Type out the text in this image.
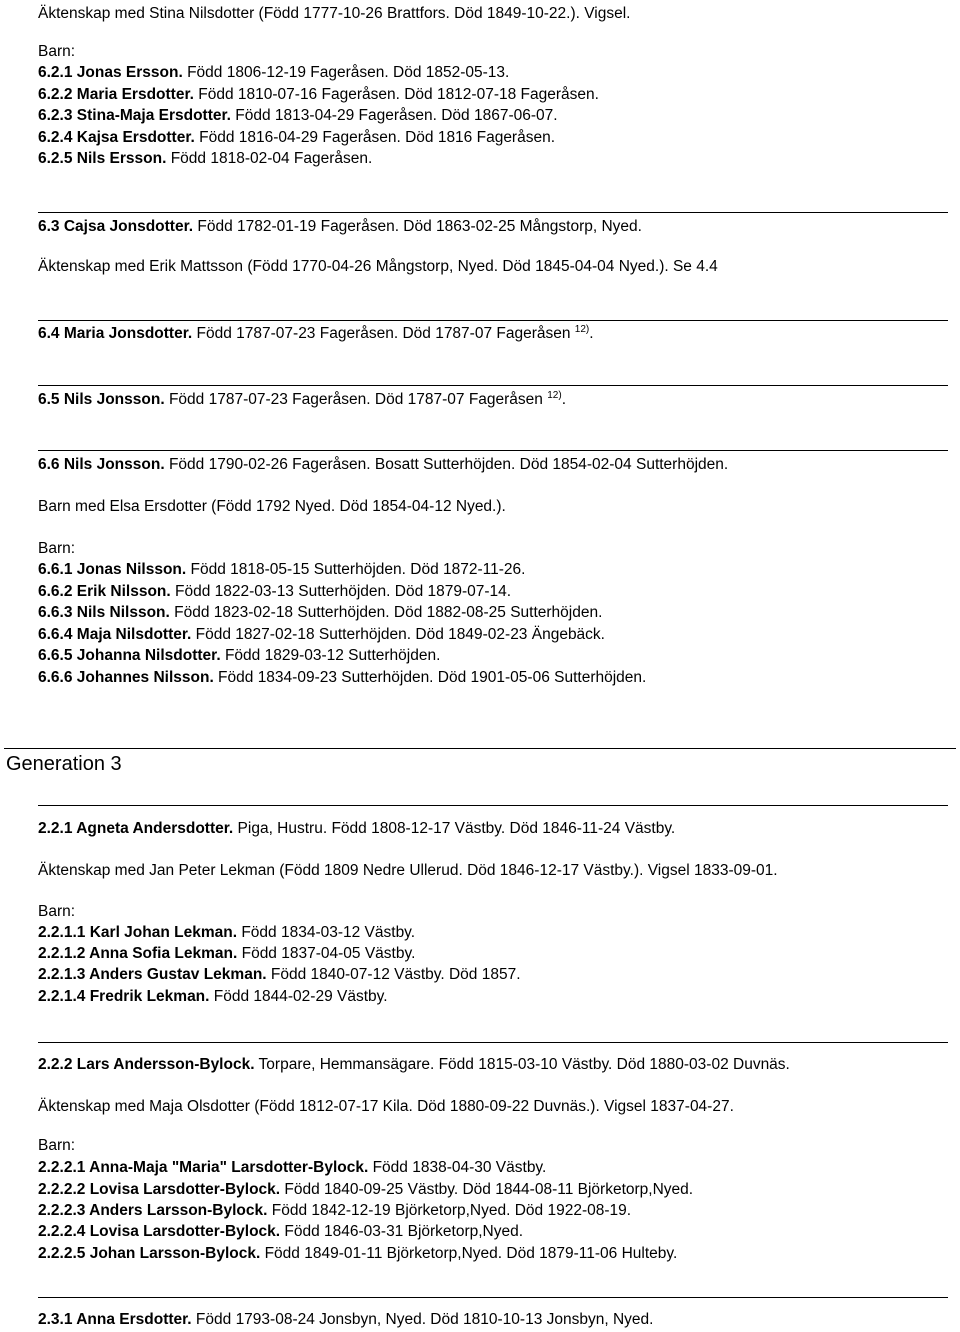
Äktenskap med Stina Nilsdotter (Född 1777-10-26 Brattfors. Död 1849-10-22.). Vigsel.
Barn:
6.2.1 Jonas Ersson. Född 1806-12-19 Fageråsen. Död 1852-05-13.
6.2.2 Maria Ersdotter. Född 1810-07-16 Fageråsen. Död 1812-07-18 Fageråsen.
6.2.3 Stina-Maja Ersdotter. Född 1813-04-29 Fageråsen. Död 1867-06-07.
6.2.4 Kajsa Ersdotter. Född 1816-04-29 Fageråsen. Död 1816 Fageråsen.
6.2.5 Nils Ersson. Född 1818-02-04 Fageråsen.
6.3 Cajsa Jonsdotter. Född 1782-01-19 Fageråsen. Död 1863-02-25 Mångstorp, Nyed.
Äktenskap med Erik Mattsson (Född 1770-04-26 Mångstorp, Nyed. Död 1845-04-04 Nyed.). Se 4.4
6.4 Maria Jonsdotter. Född 1787-07-23 Fageråsen. Död 1787-07 Fageråsen $^{12)}$.
6.5 Nils Jonsson. Född 1787-07-23 Fageråsen. Död 1787-07 Fageråsen $^{12)}$.
6.6 Nils Jonsson. Född 1790-02-26 Fageråsen. Bosatt Sutterhöjden. Död 1854-02-04 Sutterhöjden.
Barn med Elsa Ersdotter (Född 1792 Nyed. Död 1854-04-12 Nyed.).
Barn:
6.6.1 Jonas Nilsson. Född 1818-05-15 Sutterhöjden. Död 1872-11-26.
6.6.2 Erik Nilsson. Född 1822-03-13 Sutterhöjden. Död 1879-07-14.
6.6.3 Nils Nilsson. Född 1823-02-18 Sutterhöjden. Död 1882-08-25 Sutterhöjden.
6.6.4 Maja Nilsdotter. Född 1827-02-18 Sutterhöjden. Död 1849-02-23 Ängebäck.
6.6.5 Johanna Nilsdotter. Född 1829-03-12 Sutterhöjden.
6.6.6 Johannes Nilsson. Född 1834-09-23 Sutterhöjden. Död 1901-05-06 Sutterhöjden.
Generation 3
2.2.1 Agneta Andersdotter. Piga, Hustru. Född 1808-12-17 Västby. Död 1846-11-24 Västby.
Äktenskap med Jan Peter Lekman (Född 1809 Nedre Ullerud. Död 1846-12-17 Västby.). Vigsel 1833-09-01.
Barn:
2.2.1.1 Karl Johan Lekman. Född 1834-03-12 Västby.
2.2.1.2 Anna Sofia Lekman. Född 1837-04-05 Västby.
2.2.1.3 Anders Gustav Lekman. Född 1840-07-12 Västby. Död 1857.
2.2.1.4 Fredrik Lekman. Född 1844-02-29 Västby.
2.2.2 Lars Andersson-Bylock. Torpare, Hemmansägare. Född 1815-03-10 Västby. Död 1880-03-02 Duvnäs.
Äktenskap med Maja Olsdotter (Född 1812-07-17 Kila. Död 1880-09-22 Duvnäs.). Vigsel 1837-04-27.
Barn:
2.2.2.1 Anna-Maja "Maria" Larsdotter-Bylock. Född 1838-04-30 Västby.
2.2.2.2 Lovisa Larsdotter-Bylock. Född 1840-09-25 Västby. Död 1844-08-11 Björketorp,Nyed.
2.2.2.3 Anders Larsson-Bylock. Född 1842-12-19 Björketorp,Nyed. Död 1922-08-19.
2.2.2.4 Lovisa Larsdotter-Bylock. Född 1846-03-31 Björketorp,Nyed.
2.2.2.5 Johan Larsson-Bylock. Född 1849-01-11 Björketorp,Nyed. Död 1879-11-06 Hulteby.
2.3.1 Anna Ersdotter. Född 1793-08-24 Jonsbyn, Nyed. Död 1810-10-13 Jonsbyn, Nyed.
